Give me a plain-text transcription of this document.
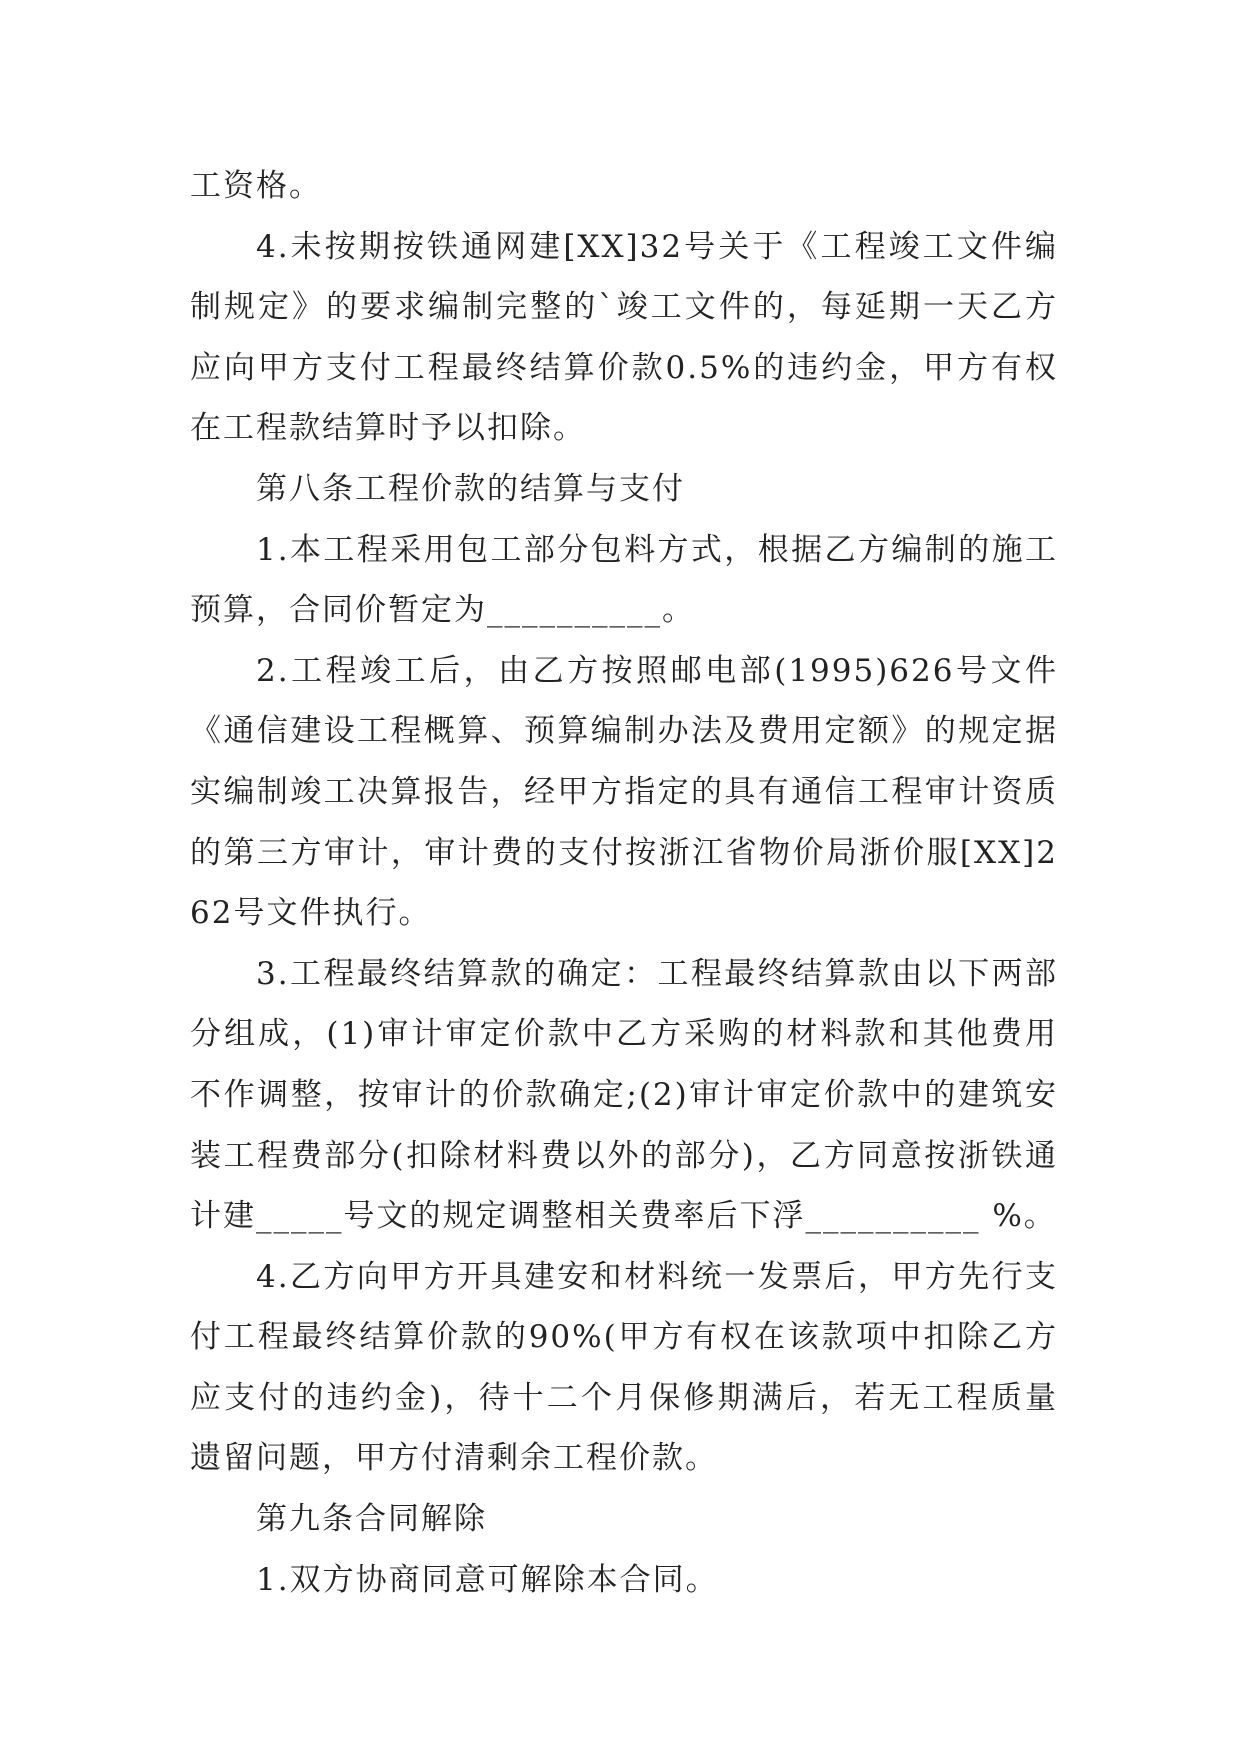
工资格。

4.未按期按铁通网建[XX]32号关于《工程竣工文件编制规定》的要求编制完整的`竣工文件的，每延期一天乙方应向甲方支付工程最终结算价款0.5%的违约金，甲方有权在工程款结算时予以扣除。

第八条工程价款的结算与支付

1.本工程采用包工部分包料方式，根据乙方编制的施工预算，合同价暂定为__________。

2.工程竣工后，由乙方按照邮电部(1995)626号文件《通信建设工程概算、预算编制办法及费用定额》的规定据实编制竣工决算报告，经甲方指定的具有通信工程审计资质的第三方审计，审计费的支付按浙江省物价局浙价服[XX]262号文件执行。

3.工程最终结算款的确定：工程最终结算款由以下两部分组成，(1)审计审定价款中乙方采购的材料款和其他费用不作调整，按审计的价款确定;(2)审计审定价款中的建筑安装工程费部分(扣除材料费以外的部分)，乙方同意按浙铁通计建_____号文的规定调整相关费率后下浮__________ %。

4.乙方向甲方开具建安和材料统一发票后，甲方先行支付工程最终结算价款的90%(甲方有权在该款项中扣除乙方应支付的违约金)，待十二个月保修期满后，若无工程质量遗留问题，甲方付清剩余工程价款。

第九条合同解除

1.双方协商同意可解除本合同。
